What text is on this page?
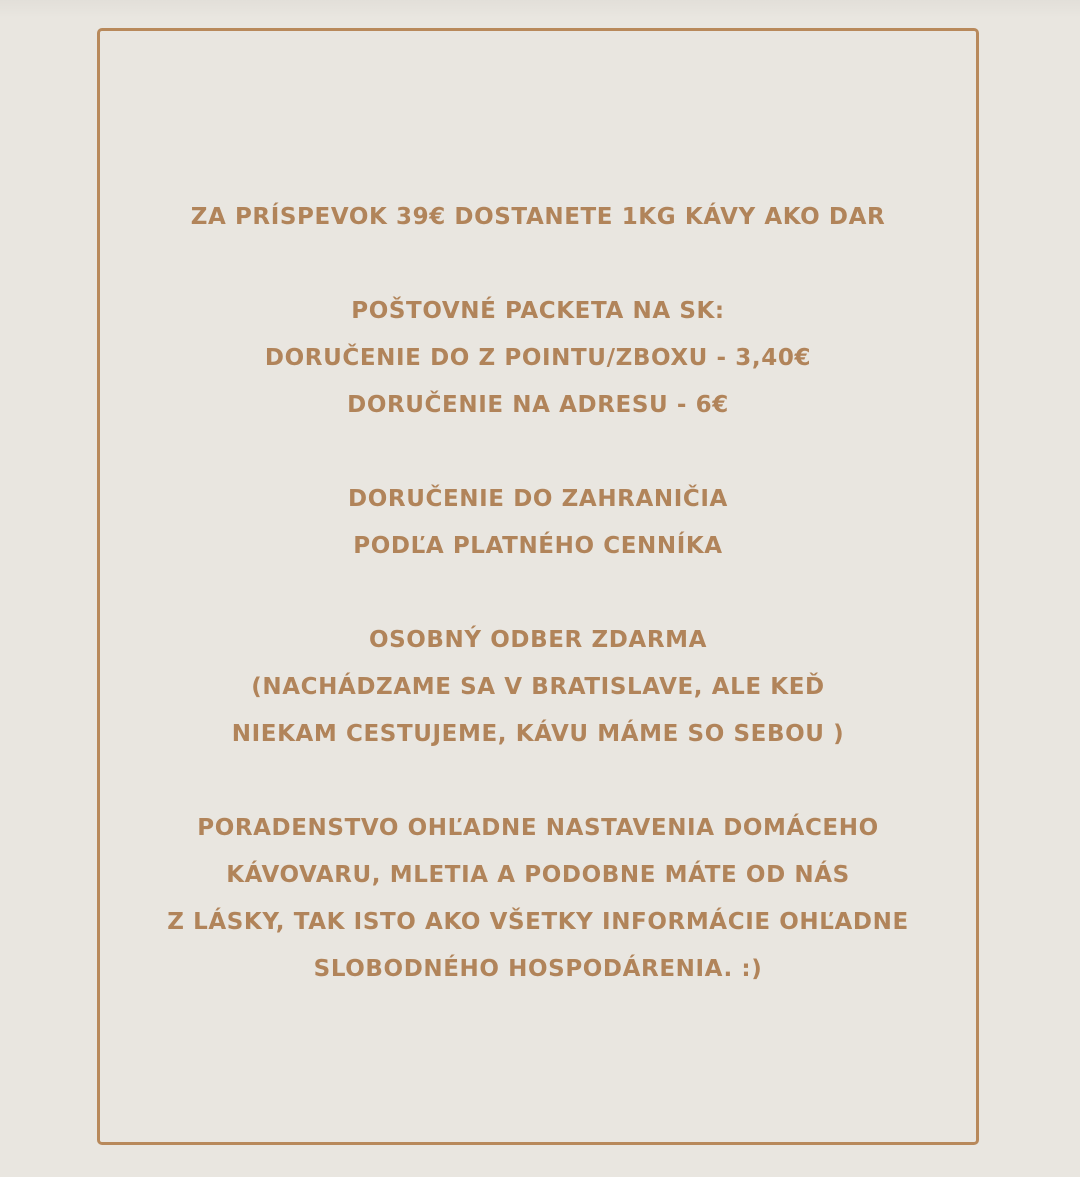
ZA PRÍSPEVOK 39€ DOSTANETE 1KG KÁVY AKO DAR
POŠTOVNÉ PACKETA NA SK:
DORUČENIE DO Z POINTU/ZBOXU - 3,40€
DORUČENIE NA ADRESU - 6€
DORUČENIE DO ZAHRANIČIA
PODĽA PLATNÉHO CENNÍKA
OSOBNÝ ODBER ZDARMA
(NACHÁDZAME SA V BRATISLAVE, ALE KEĎ
NIEKAM CESTUJEME, KÁVU MÁME SO SEBOU )
PORADENSTVO OHĽADNE NASTAVENIA DOMÁCEHO
KÁVOVARU, MLETIA A PODOBNE MÁTE OD NÁS
Z LÁSKY, TAK ISTO AKO VŠETKY INFORMÁCIE OHĽADNE
SLOBODNÉHO HOSPODÁRENIA. :)
